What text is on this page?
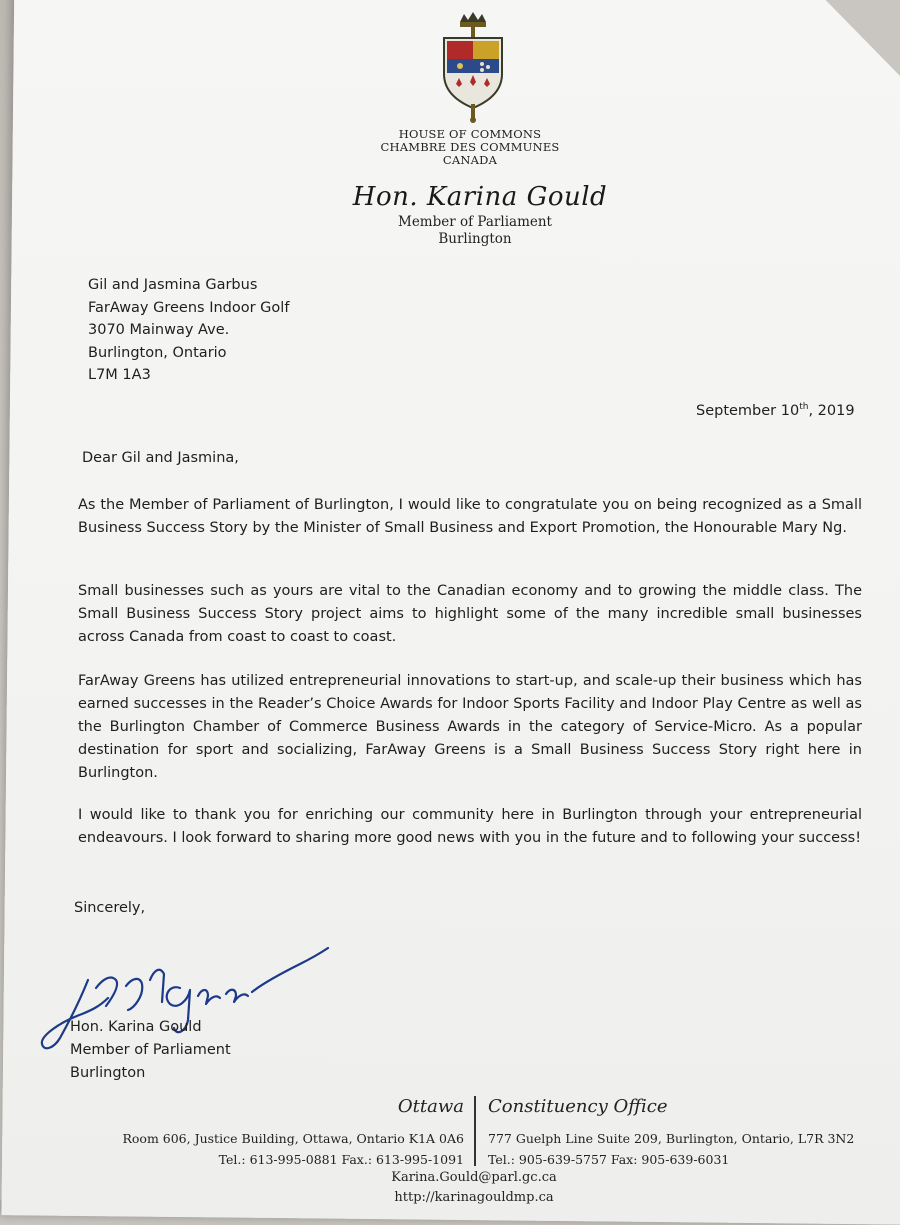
HOUSE OF COMMONS
CHAMBRE DES COMMUNES
CANADA
Hon. Karina Gould
Member of Parliament
Burlington
Gil and Jasmina Garbus
FarAway Greens Indoor Golf
3070 Mainway Ave.
Burlington, Ontario
L7M 1A3
September 10th, 2019
Dear Gil and Jasmina,
As the Member of Parliament of Burlington, I would like to congratulate you on being recognized as a Small Business Success Story by the Minister of Small Business and Export Promotion, the Honourable Mary Ng.
Small businesses such as yours are vital to the Canadian economy and to growing the middle class. The Small Business Success Story project aims to highlight some of the many incredible small businesses across Canada from coast to coast to coast.
FarAway Greens has utilized entrepreneurial innovations to start-up, and scale-up their business which has earned successes in the Reader’s Choice Awards for Indoor Sports Facility and Indoor Play Centre as well as the Burlington Chamber of Commerce Business Awards in the category of Service-Micro. As a popular destination for sport and socializing, FarAway Greens is a Small Business Success Story right here in Burlington.
I would like to thank you for enriching our community here in Burlington through your entrepreneurial endeavours. I look forward to sharing more good news with you in the future and to following your success!
Sincerely,
Hon. Karina Gould
Member of Parliament
Burlington
Ottawa Constituency Office
Room 606, Justice Building, Ottawa, Ontario K1A 0A6
Tel.: 613-995-0881 Fax.: 613-995-1091
777 Guelph Line Suite 209, Burlington, Ontario, L7R 3N2
Tel.: 905-639-5757 Fax: 905-639-6031
Karina.Gould@parl.gc.ca
http://karinagouldmp.ca
